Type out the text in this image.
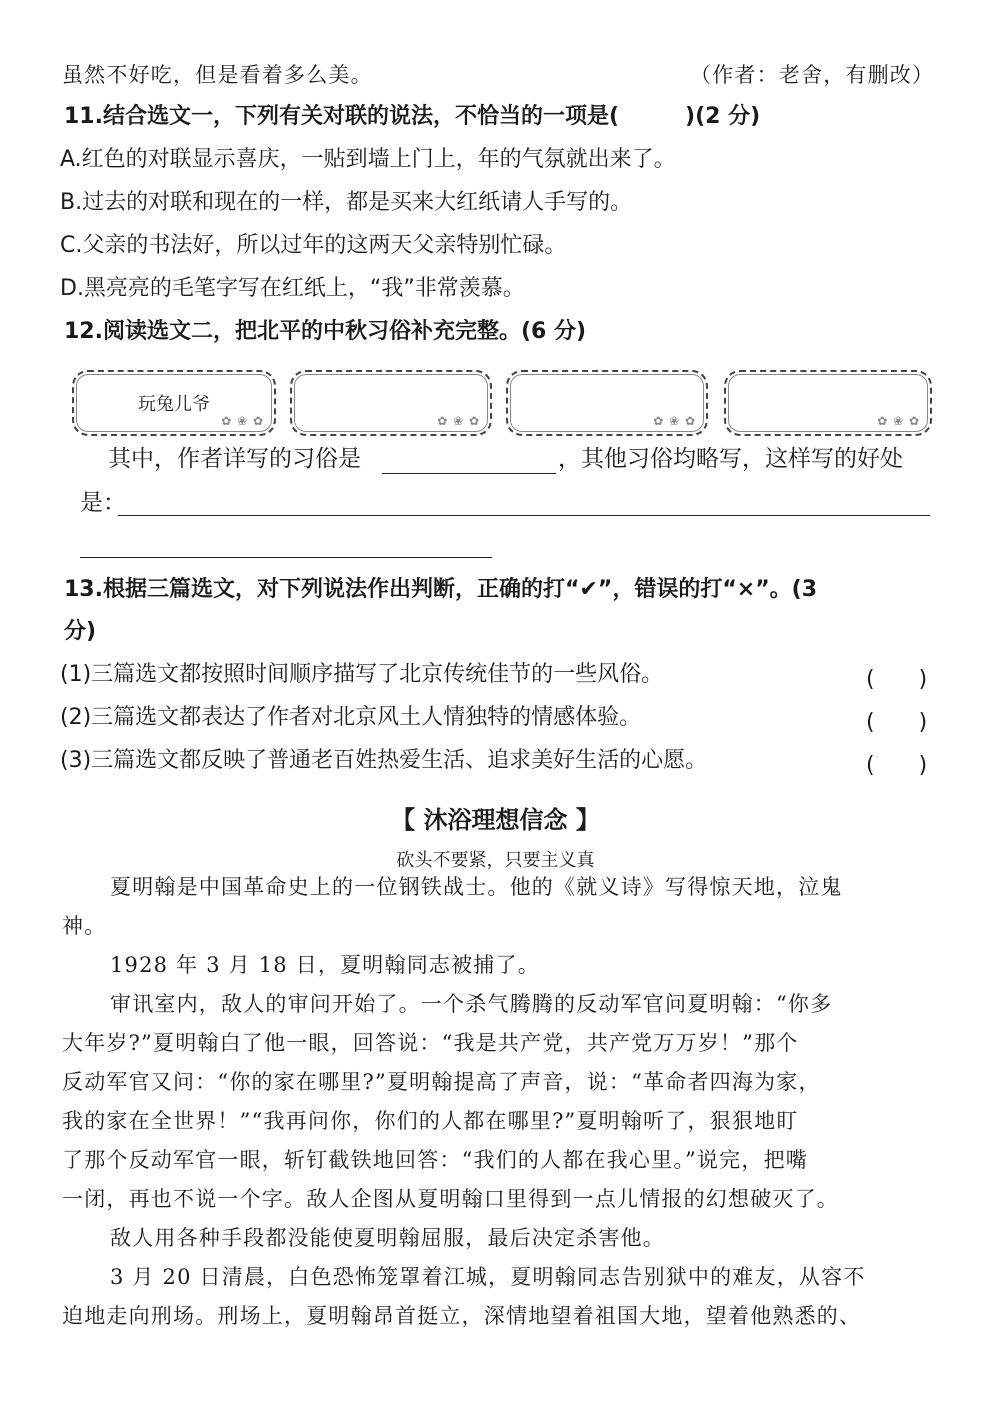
虽然不好吃，但是看着多么美。	（作者：老舍，有删改）
11.结合选文一，下列有关对联的说法，不恰当的一项是(　　　)(2 分)
A.红色的对联显示喜庆，一贴到墙上门上，年的气氛就出来了。
B.过去的对联和现在的一样，都是买来大红纸请人手写的。
C.父亲的书法好，所以过年的这两天父亲特别忙碌。
D.黑亮亮的毛笔字写在红纸上，“我”非常羡慕。
12.阅读选文二，把北平的中秋习俗补充完整。(6 分)
玩兔儿爷
✿ ❀ ✿	✿ ❀ ✿	✿ ❀ ✿	✿ ❀ ✿
其中，作者详写的习俗是	，其他习俗均略写，这样写的好处
是：
13.根据三篇选文，对下列说法作出判断，正确的打“✔”，错误的打“×”。(3
分)
(1)三篇选文都按照时间顺序描写了北京传统佳节的一些风俗。	(　　)
(2)三篇选文都表达了作者对北京风土人情独特的情感体验。	(　　)
(3)三篇选文都反映了普通老百姓热爱生活、追求美好生活的心愿。	(　　)
【 沐浴理想信念 】
砍头不要紧，只要主义真
夏明翰是中国革命史上的一位钢铁战士。他的《就义诗》写得惊天地，泣鬼
神。
1928 年 3 月 18 日，夏明翰同志被捕了。
审讯室内，敌人的审问开始了。一个杀气腾腾的反动军官问夏明翰：“你多
大年岁?”夏明翰白了他一眼，回答说：“我是共产党，共产党万万岁！”那个
反动军官又问：“你的家在哪里?”夏明翰提高了声音，说：“革命者四海为家，
我的家在全世界！”“我再问你，你们的人都在哪里?”夏明翰听了，狠狠地盯
了那个反动军官一眼，斩钉截铁地回答：“我们的人都在我心里。”说完，把嘴
一闭，再也不说一个字。敌人企图从夏明翰口里得到一点儿情报的幻想破灭了。
敌人用各种手段都没能使夏明翰屈服，最后决定杀害他。
3 月 20 日清晨，白色恐怖笼罩着江城，夏明翰同志告别狱中的难友，从容不
迫地走向刑场。刑场上，夏明翰昂首挺立，深情地望着祖国大地，望着他熟悉的、
